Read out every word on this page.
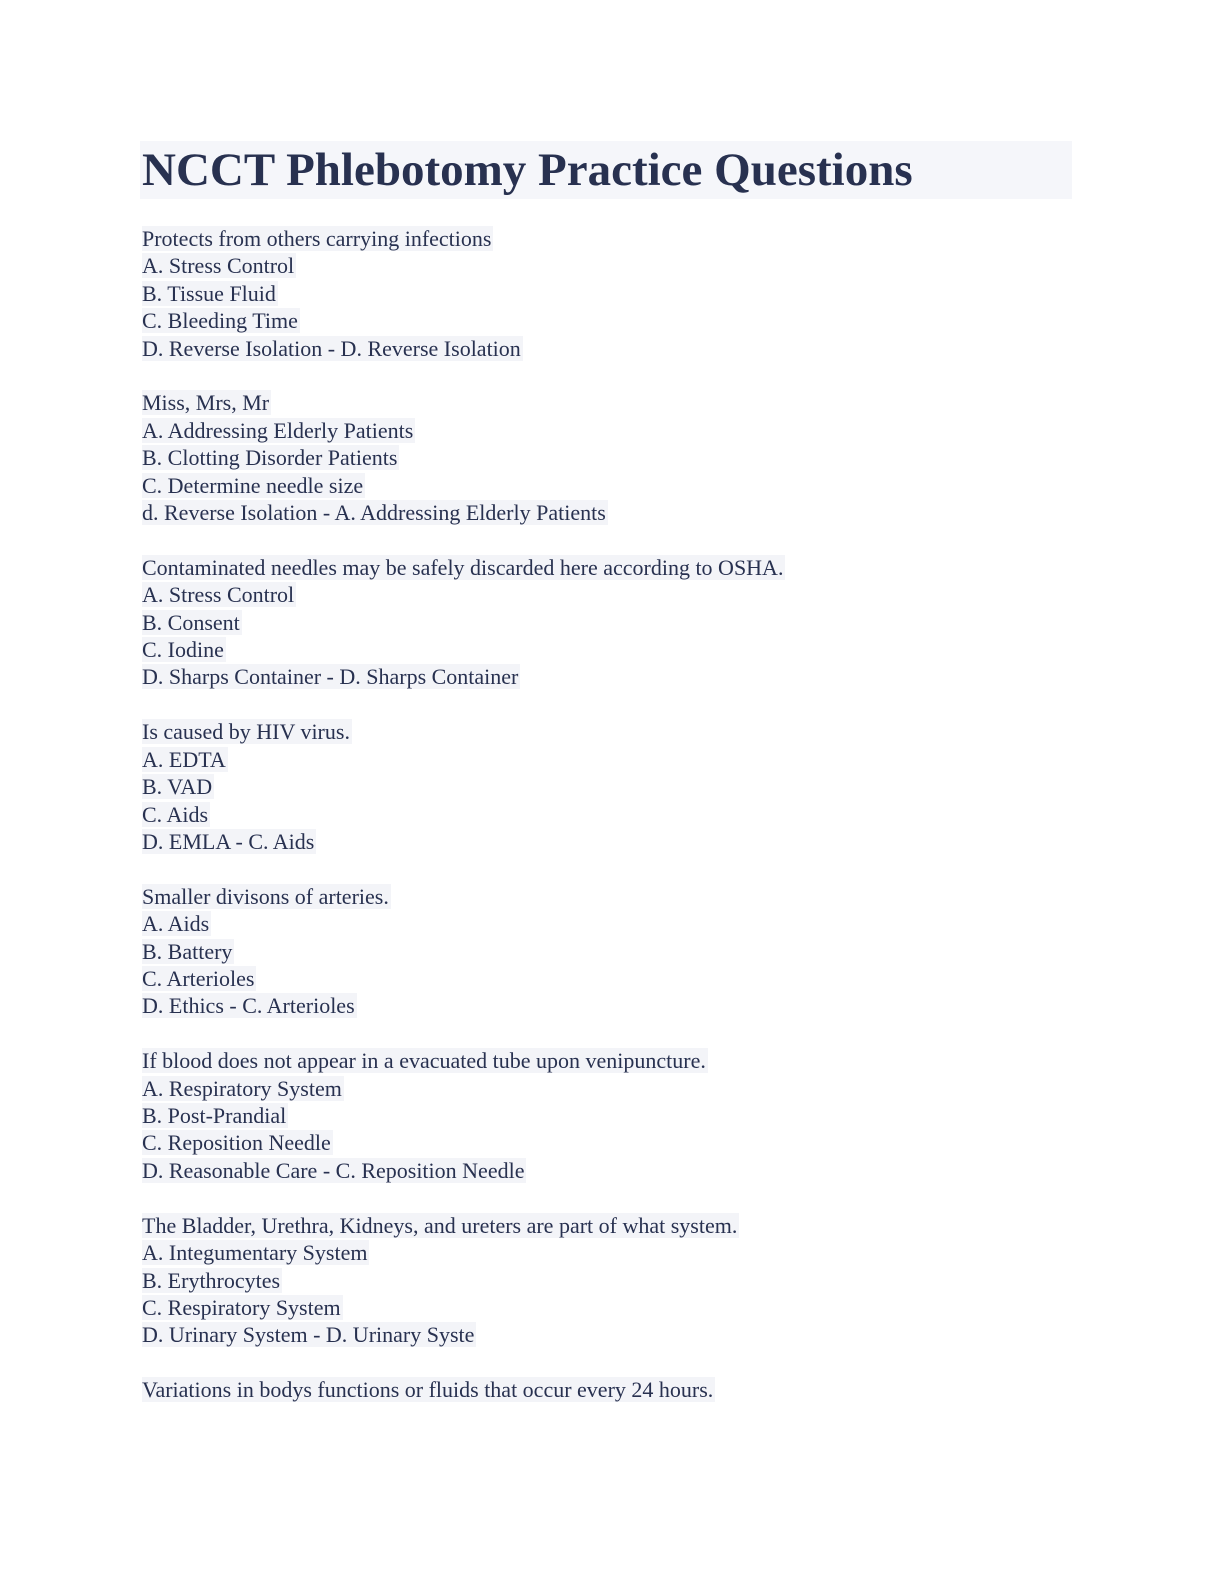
NCCT Phlebotomy Practice Questions
Protects from others carrying infections
A. Stress Control
B. Tissue Fluid
C. Bleeding Time
D. Reverse Isolation - D. Reverse Isolation
Miss, Mrs, Mr
A. Addressing Elderly Patients
B. Clotting Disorder Patients
C. Determine needle size
d. Reverse Isolation - A. Addressing Elderly Patients
Contaminated needles may be safely discarded here according to OSHA.
A. Stress Control
B. Consent
C. Iodine
D. Sharps Container - D. Sharps Container
Is caused by HIV virus.
A. EDTA
B. VAD
C. Aids
D. EMLA - C. Aids
Smaller divisons of arteries.
A. Aids
B. Battery
C. Arterioles
D. Ethics - C. Arterioles
If blood does not appear in a evacuated tube upon venipuncture.
A. Respiratory System
B. Post-Prandial
C. Reposition Needle
D. Reasonable Care - C. Reposition Needle
The Bladder, Urethra, Kidneys, and ureters are part of what system.
A. Integumentary System
B. Erythrocytes
C. Respiratory System
D. Urinary System - D. Urinary Syste
Variations in bodys functions or fluids that occur every 24 hours.
